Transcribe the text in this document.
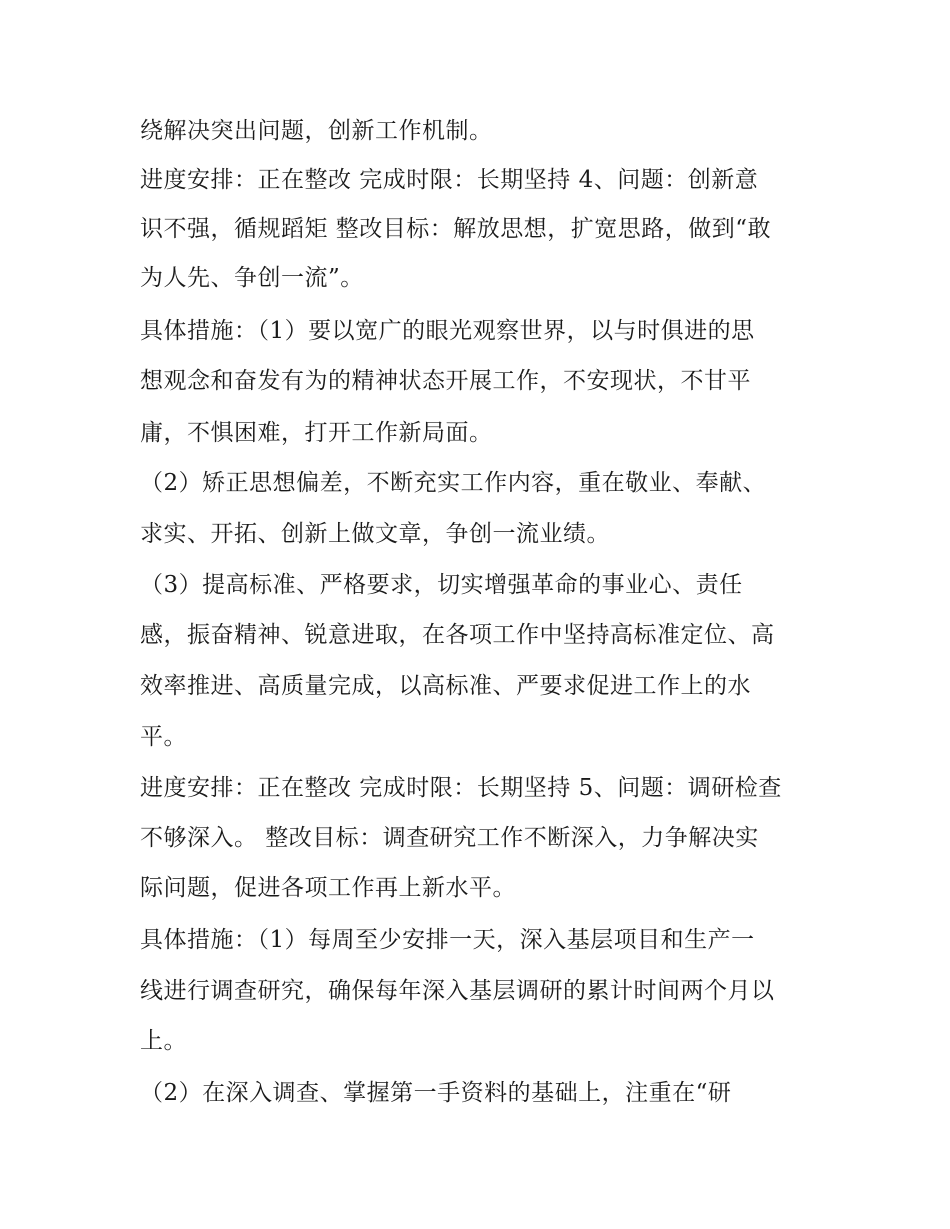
绕解决突出问题，创新工作机制。
进度安排：正在整改 完成时限：长期坚持 4、问题：创新意
识不强，循规蹈矩 整改目标：解放思想，扩宽思路，做到“敢
为人先、争创一流”。
具体措施：（1）要以宽广的眼光观察世界，以与时俱进的思
想观念和奋发有为的精神状态开展工作，不安现状，不甘平
庸，不惧困难，打开工作新局面。
（2）矫正思想偏差，不断充实工作内容，重在敬业、奉献、
求实、开拓、创新上做文章，争创一流业绩。
（3）提高标准、严格要求，切实增强革命的事业心、责任
感，振奋精神、锐意进取，在各项工作中坚持高标准定位、高
效率推进、高质量完成，以高标准、严要求促进工作上的水
平。
进度安排：正在整改 完成时限：长期坚持 5、问题：调研检查
不够深入。 整改目标：调查研究工作不断深入，力争解决实
际问题，促进各项工作再上新水平。
具体措施：（1）每周至少安排一天，深入基层项目和生产一
线进行调查研究，确保每年深入基层调研的累计时间两个月以
上。
（2）在深入调查、掌握第一手资料的基础上，注重在“研
